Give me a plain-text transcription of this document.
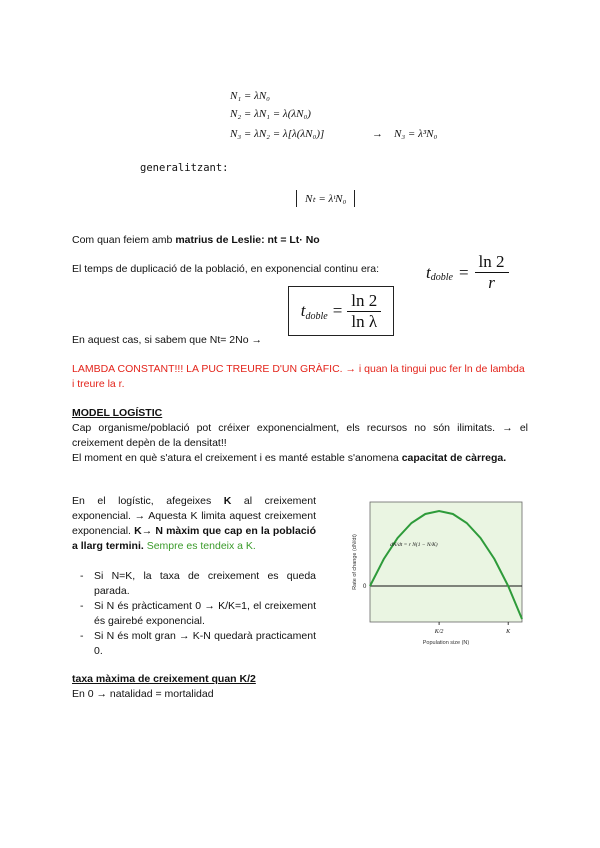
N₁ = λN₀
N₂ = λN₁ = λ(λN₀)
N₃ = λN₂ = λ[λ(λN₀)]	→ N₃ = λ³N₀
generalitzant:
Nₜ = λᵗN₀
Com quan feiem amb matrius de Leslie: nt = Lt· No
El temps de duplicació de la població, en exponencial continu era:	$t_{doble} = \frac{\ln 2}{r}$
$t_{doble} = \frac{\ln 2}{\text{ln λ}}$
En aquest cas, si sabem que Nt= 2No →
LAMBDA CONSTANT!!! LA PUC TREURE D'UN GRÀFIC. → i quan la tingui puc fer ln de lambda i treure la r.
MODEL LOGÍSTIC
Cap organisme/població pot créixer exponencialment, els recursos no són ilimitats. → el creixement depèn de la densitat!!
El moment en què s'atura el creixement i es manté estable s'anomena capacitat de càrrega.
En el logístic, afegeixes K al creixement exponencial. → Aquesta K limita aquest creixement exponencial. K→ N màxim que cap en la població a llarg termini. Sempre es tendeix a K.
- Si N=K, la taxa de creixement es queda parada.
- Si N és pràcticament 0 → K/K=1, el creixement és gairebé exponencial.
- Si N és molt gran → K-N quedarà practicament 0.
taxa màxima de creixement quan K/2
En 0 → natalidad = mortalidad
0
K/2	K
dN/dt = r N(1 − N/K)
Population size (N)
Rate of change (dN/dt)
